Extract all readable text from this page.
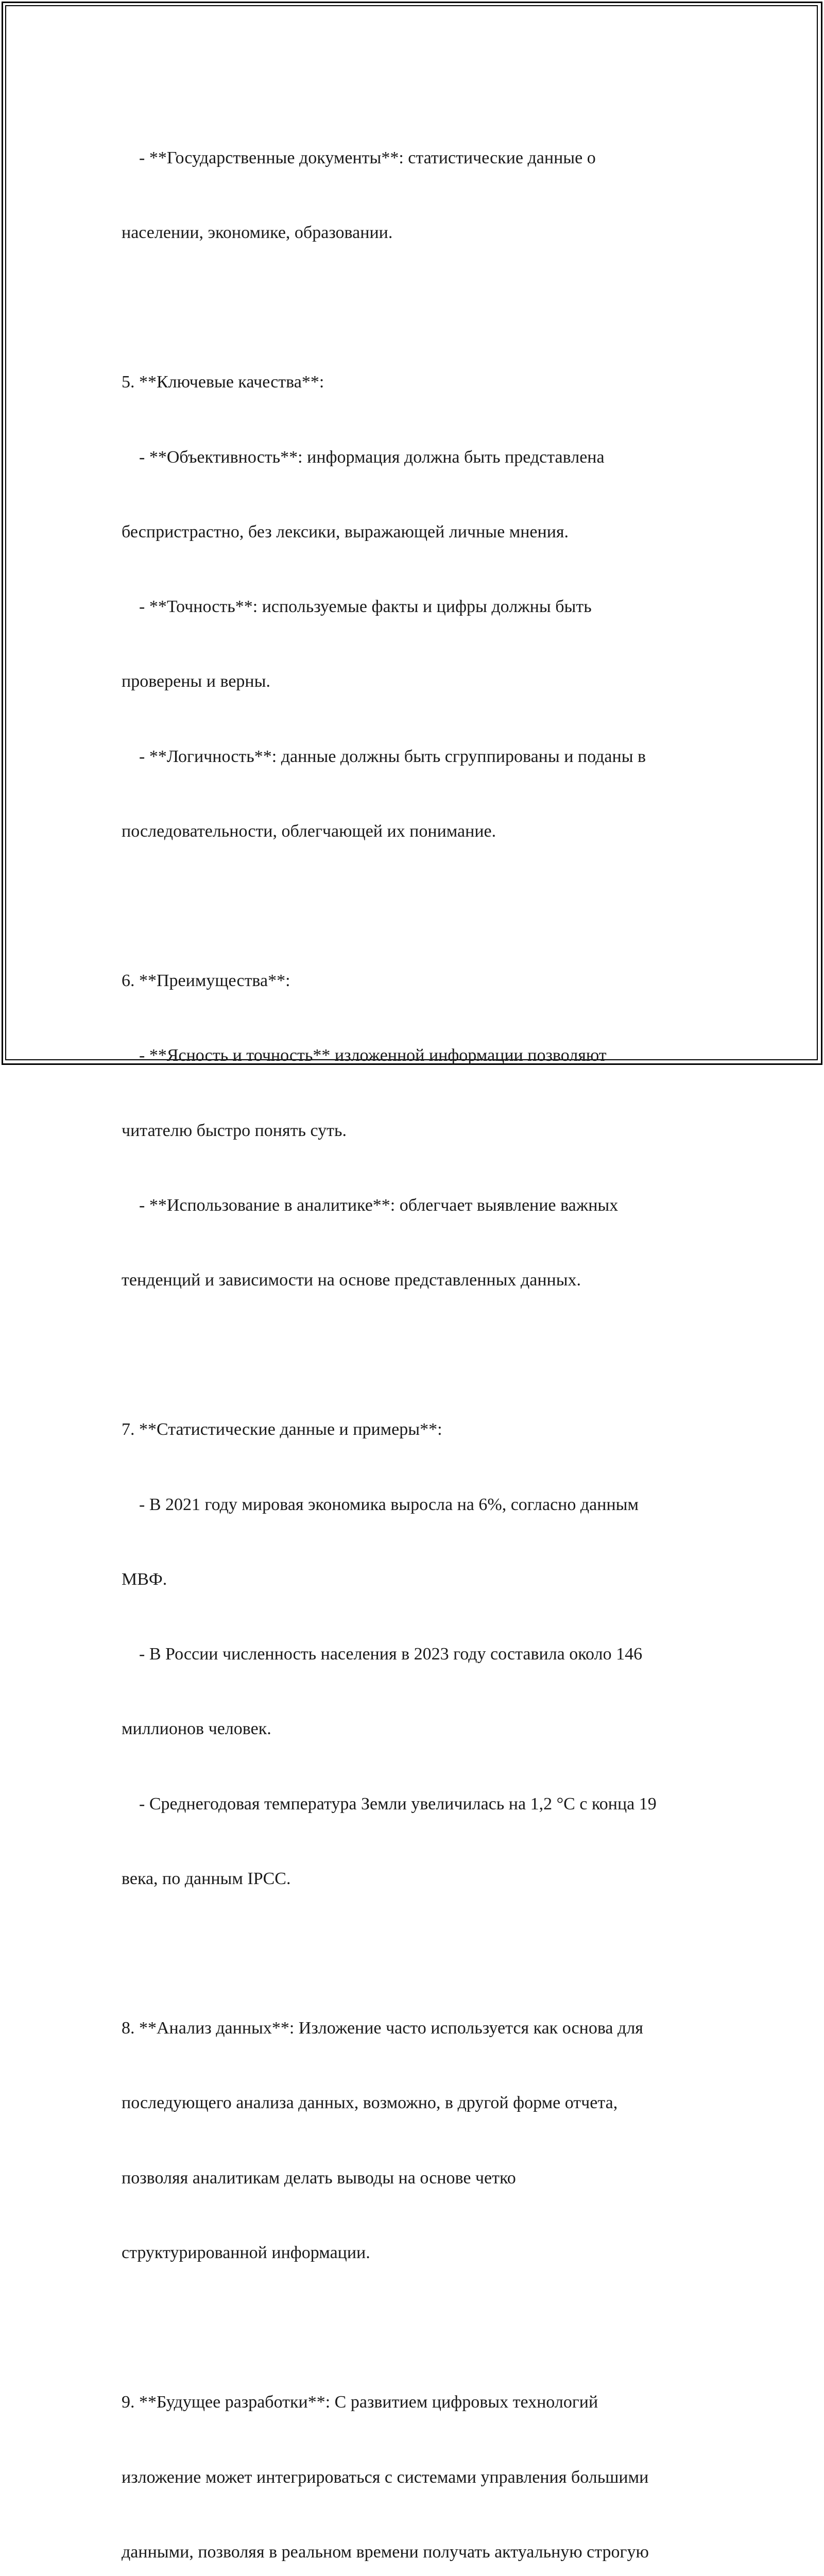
- **Государственные документы**: статистические данные о

населении, экономике, образовании.

5. **Ключевые качества**:

- **Объективность**: информация должна быть представлена

беспристрастно, без лексики, выражающей личные мнения.

- **Точность**: используемые факты и цифры должны быть

проверены и верны.

- **Логичность**: данные должны быть сгруппированы и поданы в

последовательности, облегчающей их понимание.

6. **Преимущества**:

- **Ясность и точность** изложенной информации позволяют

читателю быстро понять суть.

- **Использование в аналитике**: облегчает выявление важных

тенденций и зависимости на основе представленных данных.

7. **Статистические данные и примеры**:

- В 2021 году мировая экономика выросла на 6%, согласно данным

МВФ.

- В России численность населения в 2023 году составила около 146

миллионов человек.

- Среднегодовая температура Земли увеличилась на 1,2 °C с конца 19

века, по данным IPCC.

8. **Анализ данных**: Изложение часто используется как основа для

последующего анализа данных, возможно, в другой форме отчета,

позволяя аналитикам делать выводы на основе четко

структурированной информации.

9. **Будущее разработки**: С развитием цифровых технологий

изложение может интегрироваться с системами управления большими

данными, позволяя в реальном времени получать актуальную строгую
